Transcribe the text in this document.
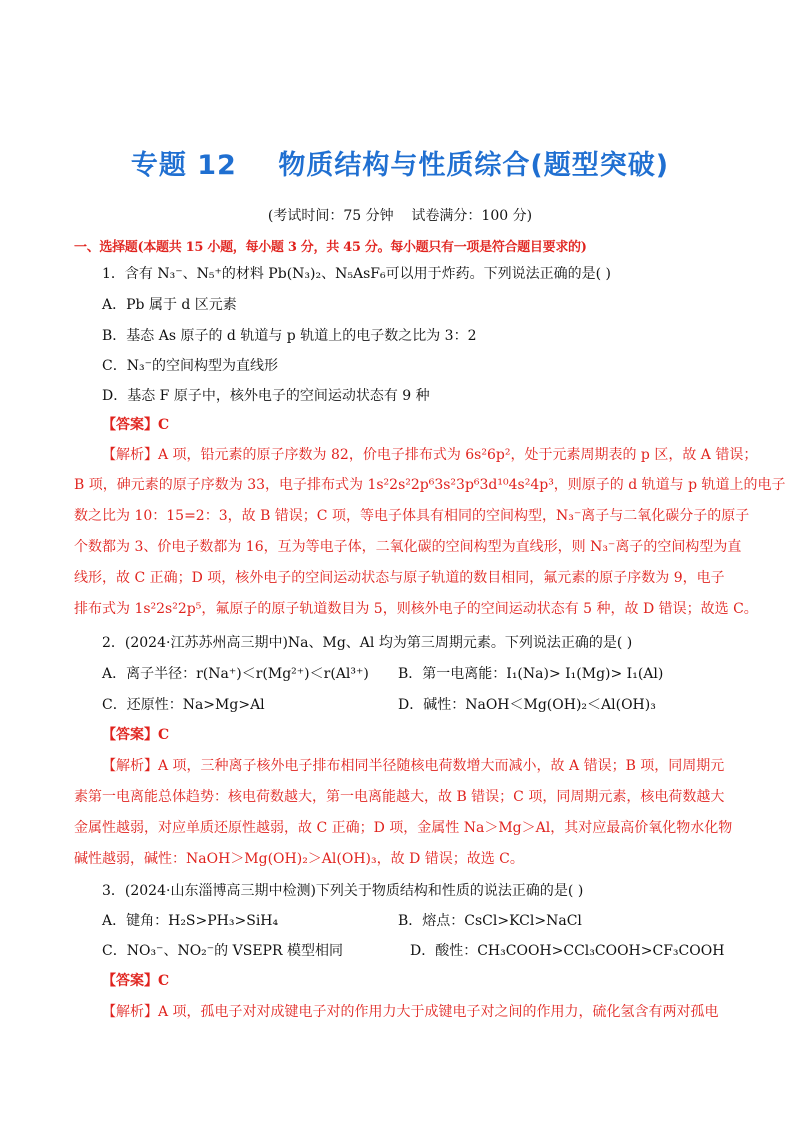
专题 12    物质结构与性质综合(题型突破)
(考试时间：75 分钟    试卷满分：100 分)
一、选择题(本题共 15 小题，每小题 3 分，共 45 分。每小题只有一项是符合题目要求的)
1．含有 N₃⁻、N₅⁺的材料 Pb(N₃)₂、N₅AsF₆可以用于炸药。下列说法正确的是( )
A．Pb 属于 d 区元素
B．基态 As 原子的 d 轨道与 p 轨道上的电子数之比为 3：2
C．N₃⁻的空间构型为直线形
D．基态 F 原子中，核外电子的空间运动状态有 9 种
【答案】C
【解析】A 项，铅元素的原子序数为 82，价电子排布式为 6s²6p²，处于元素周期表的 p 区，故 A 错误；
B 项，砷元素的原子序数为 33，电子排布式为 1s²2s²2p⁶3s²3p⁶3d¹⁰4s²4p³，则原子的 d 轨道与 p 轨道上的电子
数之比为 10：15=2：3，故 B 错误；C 项，等电子体具有相同的空间构型，N₃⁻离子与二氧化碳分子的原子
个数都为 3、价电子数都为 16，互为等电子体，二氧化碳的空间构型为直线形，则 N₃⁻离子的空间构型为直
线形，故 C 正确；D 项，核外电子的空间运动状态与原子轨道的数目相同，氟元素的原子序数为 9，电子
排布式为 1s²2s²2p⁵，氟原子的原子轨道数目为 5，则核外电子的空间运动状态有 5 种，故 D 错误；故选 C。
2．(2024·江苏苏州高三期中)Na、Mg、Al 均为第三周期元素。下列说法正确的是( )
A．离子半径：r(Na⁺)＜r(Mg²⁺)＜r(Al³⁺) B．第一电离能：I₁(Na)> I₁(Mg)> I₁(Al)
C．还原性：Na>Mg>Al	D．碱性：NaOH＜Mg(OH)₂＜Al(OH)₃
【答案】C
【解析】A 项，三种离子核外电子排布相同半径随核电荷数增大而减小，故 A 错误；B 项，同周期元
素第一电离能总体趋势：核电荷数越大，第一电离能越大，故 B 错误；C 项，同周期元素，核电荷数越大
金属性越弱，对应单质还原性越弱，故 C 正确；D 项，金属性 Na＞Mg＞Al，其对应最高价氧化物水化物
碱性越弱，碱性：NaOH＞Mg(OH)₂＞Al(OH)₃，故 D 错误；故选 C。
3．(2024·山东淄博高三期中检测)下列关于物质结构和性质的说法正确的是( )
A．键角：H₂S>PH₃>SiH₄	B．熔点：CsCl>KCl>NaCl
C．NO₃⁻、NO₂⁻的 VSEPR 模型相同	D．酸性：CH₃COOH>CCl₃COOH>CF₃COOH
【答案】C
【解析】A 项，孤电子对对成键电子对的作用力大于成键电子对之间的作用力，硫化氢含有两对孤电
